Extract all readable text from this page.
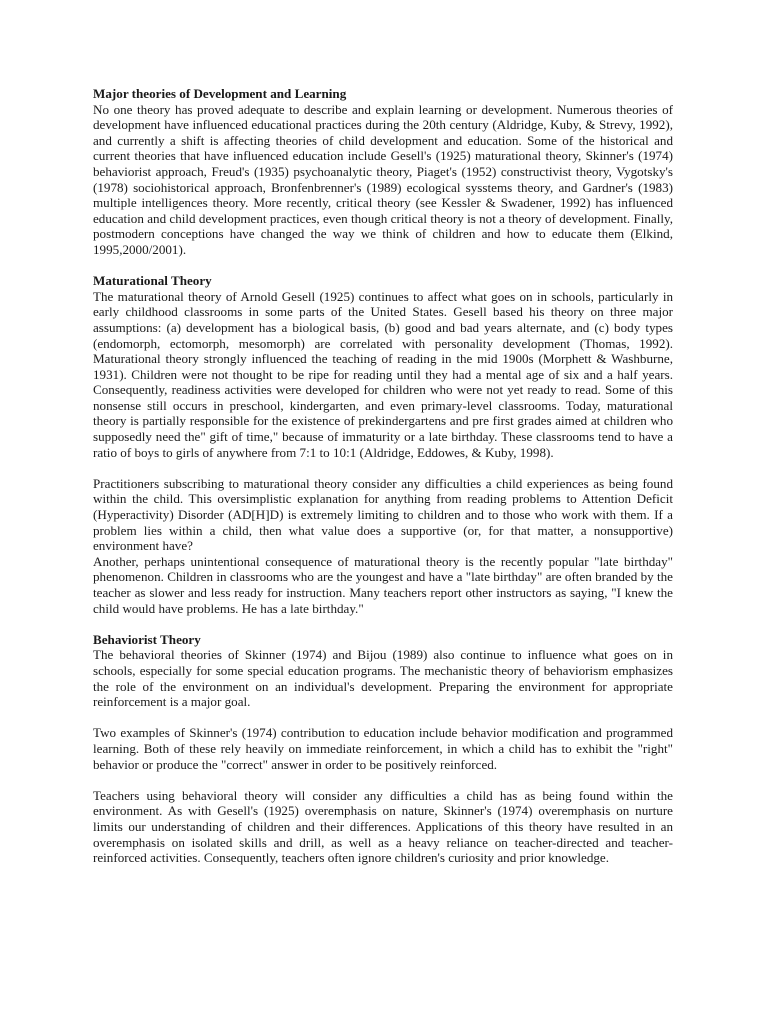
Major theories of Development and Learning

No one theory has proved adequate to describe and explain learning or development. Numerous theories of development have influenced educational practices during the 20th century (Aldridge, Kuby, & Strevy, 1992), and currently a shift is affecting theories of child development and education. Some of the historical and current theories that have influenced education include Gesell's (1925) maturational theory, Skinner's (1974) behaviorist approach, Freud's (1935) psychoanalytic theory, Piaget's (1952) constructivist theory, Vygotsky's (1978) sociohistorical approach, Bronfenbrenner's (1989) ecological sysstems theory, and Gardner's (1983) multiple intelligences theory. More recently, critical theory (see Kessler & Swadener, 1992) has influenced education and child development practices, even though critical theory is not a theory of development. Finally, postmodern conceptions have changed the way we think of children and how to educate them (Elkind, 1995,2000/2001).

Maturational Theory

The maturational theory of Arnold Gesell (1925) continues to affect what goes on in schools, particularly in early childhood classrooms in some parts of the United States. Gesell based his theory on three major assumptions: (a) development has a biological basis, (b) good and bad years alternate, and (c) body types (endomorph, ectomorph, mesomorph) are correlated with personality development (Thomas, 1992). Maturational theory strongly influenced the teaching of reading in the mid 1900s (Morphett & Washburne, 1931). Children were not thought to be ripe for reading until they had a mental age of six and a half years. Consequently, readiness activities were developed for children who were not yet ready to read. Some of this nonsense still occurs in preschool, kindergarten, and even primary-level classrooms. Today, maturational theory is partially responsible for the existence of prekindergartens and pre first grades aimed at children who supposedly need the" gift of time," because of immaturity or a late birthday. These classrooms tend to have a ratio of boys to girls of anywhere from 7:1 to 10:1 (Aldridge, Eddowes, & Kuby, 1998).

Practitioners subscribing to maturational theory consider any difficulties a child experiences as being found within the child. This oversimplistic explanation for anything from reading problems to Attention Deficit (Hyperactivity) Disorder (AD[H]D) is extremely limiting to children and to those who work with them. If a problem lies within a child, then what value does a supportive (or, for that matter, a nonsupportive) environment have?

Another, perhaps unintentional consequence of maturational theory is the recently popular "late birthday" phenomenon. Children in classrooms who are the youngest and have a "late birthday" are often branded by the teacher as slower and less ready for instruction. Many teachers report other instructors as saying, "I knew the child would have problems. He has a late birthday."

Behaviorist Theory

The behavioral theories of Skinner (1974) and Bijou (1989) also continue to influence what goes on in schools, especially for some special education programs. The mechanistic theory of behaviorism emphasizes the role of the environment on an individual's development. Preparing the environment for appropriate reinforcement is a major goal.

Two examples of Skinner's (1974) contribution to education include behavior modification and programmed learning. Both of these rely heavily on immediate reinforcement, in which a child has to exhibit the "right" behavior or produce the "correct" answer in order to be positively reinforced.

Teachers using behavioral theory will consider any difficulties a child has as being found within the environment. As with Gesell's (1925) overemphasis on nature, Skinner's (1974) overemphasis on nurture limits our understanding of children and their differences. Applications of this theory have resulted in an overemphasis on isolated skills and drill, as well as a heavy reliance on teacher-directed and teacher-reinforced activities. Consequently, teachers often ignore children's curiosity and prior knowledge.
